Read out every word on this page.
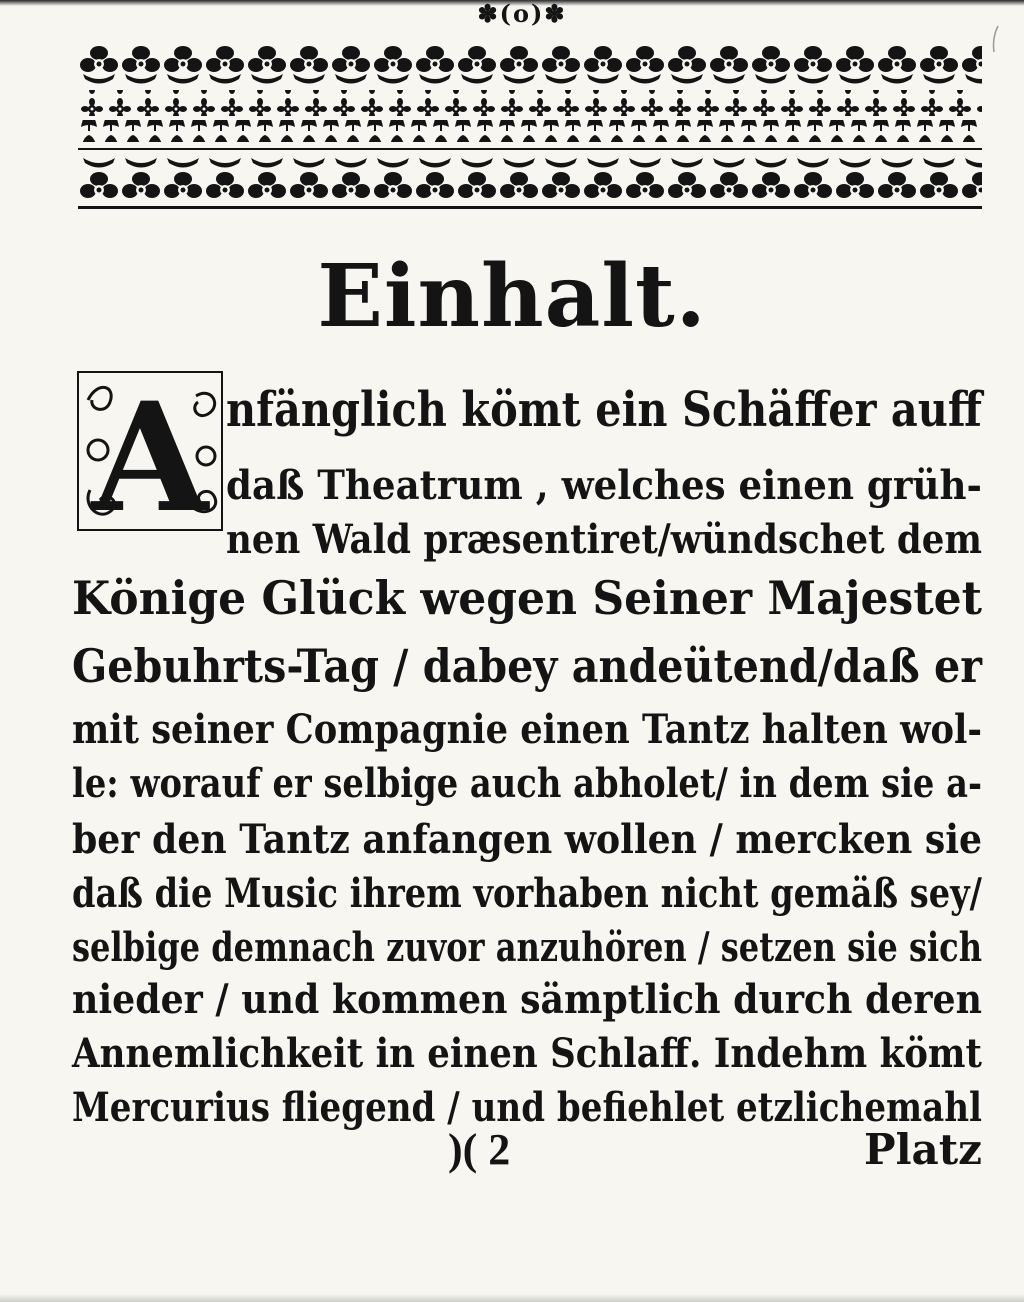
✽(o)✽
Einhalt.
A nfänglich kömt ein Schäffer auff
daß Theatrum , welches einen grüh-
nen Wald præsentiret/wündschet dem
Könige Glück wegen Seiner Majestet
Gebuhrts-Tag / dabey andeütend/daß er
mit seiner Compagnie einen Tantz halten wol-
le: worauf er selbige auch abholet/ in dem sie a-
ber den Tantz anfangen wollen / mercken sie
daß die Music ihrem vorhaben nicht gemäß sey/
selbige demnach zuvor anzuhören / setzen sie sich
nieder / und kommen sämptlich durch deren
Annemlichkeit in einen Schlaff. Indehm kömt
Mercurius fliegend / und befiehlet etzlichemahl
)( 2	Platz
